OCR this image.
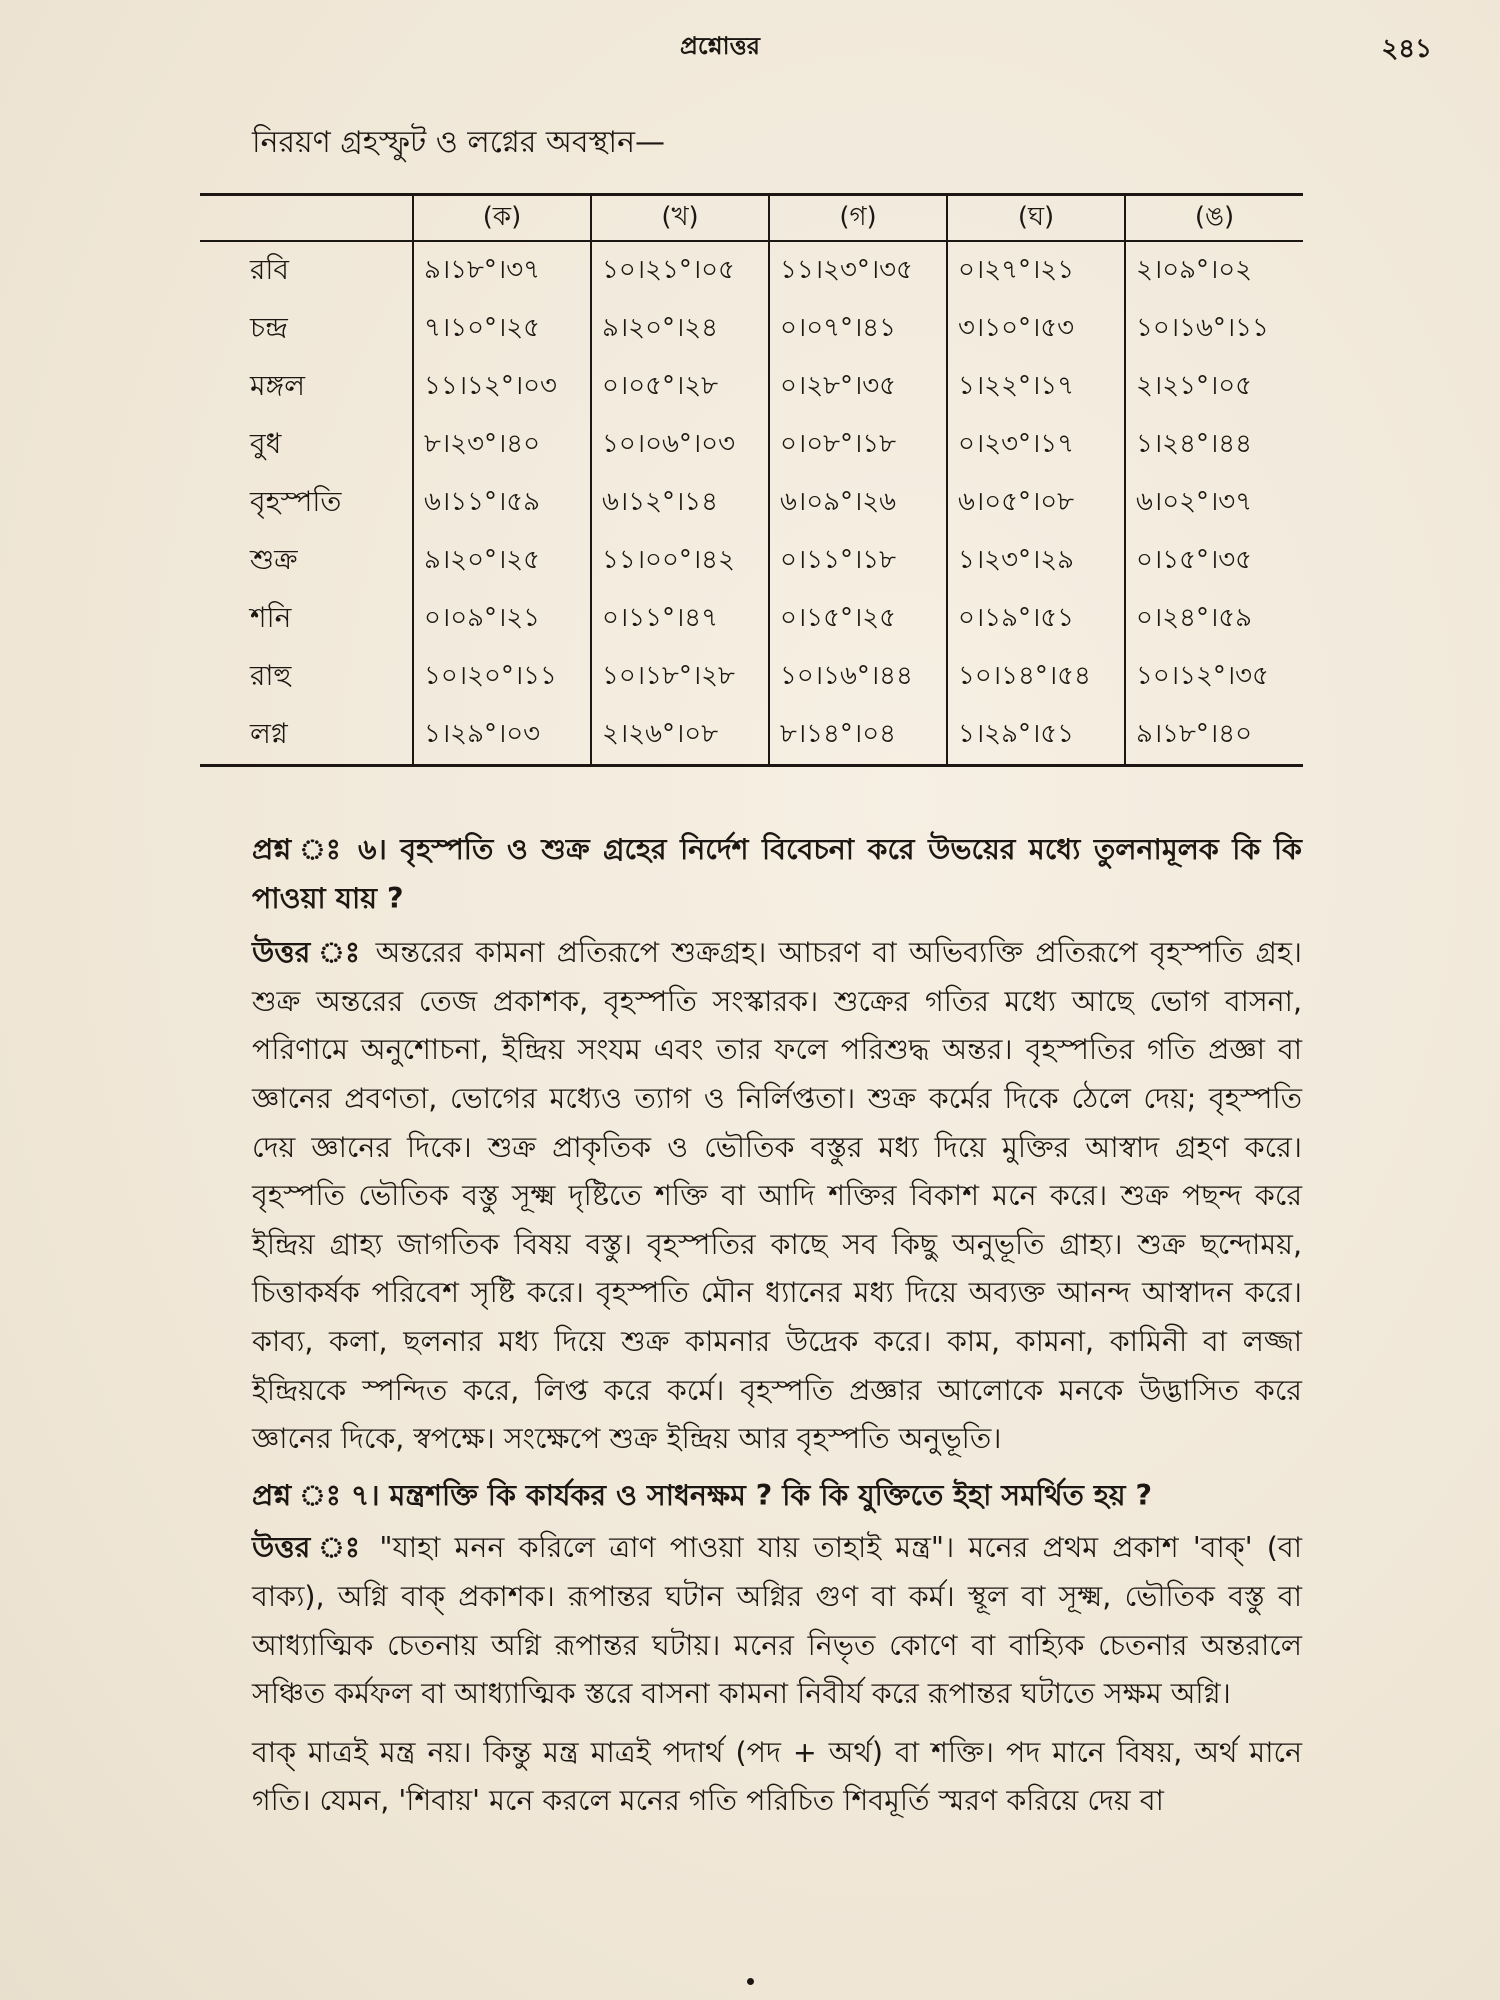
প্রশ্নোত্তর	২৪১
নিরয়ণ গ্রহস্ফুট ও লগ্নের অবস্থান—
	(ক)	(খ)	(গ)	(ঘ)	(ঙ)
রবি	৯।১৮°।৩৭	১০।২১°।০৫	১১।২৩°।৩৫	০।২৭°।২১	২।০৯°।০২
চন্দ্র	৭।১০°।২৫	৯।২০°।২৪	০।০৭°।৪১	৩।১০°।৫৩	১০।১৬°।১১
মঙ্গল	১১।১২°।০৩	০।০৫°।২৮	০।২৮°।৩৫	১।২২°।১৭	২।২১°।০৫
বুধ	৮।২৩°।৪০	১০।০৬°।০৩	০।০৮°।১৮	০।২৩°।১৭	১।২৪°।৪৪
বৃহস্পতি	৬।১১°।৫৯	৬।১২°।১৪	৬।০৯°।২৬	৬।০৫°।০৮	৬।০২°।৩৭
শুক্র	৯।২০°।২৫	১১।০০°।৪২	০।১১°।১৮	১।২৩°।২৯	০।১৫°।৩৫
শনি	০।০৯°।২১	০।১১°।৪৭	০।১৫°।২৫	০।১৯°।৫১	০।২৪°।৫৯
রাহু	১০।২০°।১১	১০।১৮°।২৮	১০।১৬°।৪৪	১০।১৪°।৫৪	১০।১২°।৩৫
লগ্ন	১।২৯°।০৩	২।২৬°।০৮	৮।১৪°।০৪	১।২৯°।৫১	৯।১৮°।৪০

প্রশ্ন ঃ ৬। বৃহস্পতি ও শুক্র গ্রহের নির্দেশ বিবেচনা করে উভয়ের মধ্যে তুলনামূলক কি কি পাওয়া যায় ?

উত্তর ঃ অন্তরের কামনা প্রতিরূপে শুক্রগ্রহ। আচরণ বা অভিব্যক্তি প্রতিরূপে বৃহস্পতি গ্রহ। শুক্র অন্তরের তেজ প্রকাশক, বৃহস্পতি সংস্কারক। শুক্রের গতির মধ্যে আছে ভোগ বাসনা, পরিণামে অনুশোচনা, ইন্দ্রিয় সংযম এবং তার ফলে পরিশুদ্ধ অন্তর। বৃহস্পতির গতি প্রজ্ঞা বা জ্ঞানের প্রবণতা, ভোগের মধ্যেও ত্যাগ ও নির্লিপ্ততা। শুক্র কর্মের দিকে ঠেলে দেয়; বৃহস্পতি দেয় জ্ঞানের দিকে। শুক্র প্রাকৃতিক ও ভৌতিক বস্তুর মধ্য দিয়ে মুক্তির আস্বাদ গ্রহণ করে। বৃহস্পতি ভৌতিক বস্তু সূক্ষ্ম দৃষ্টিতে শক্তি বা আদি শক্তির বিকাশ মনে করে। শুক্র পছন্দ করে ইন্দ্রিয় গ্রাহ্য জাগতিক বিষয় বস্তু। বৃহস্পতির কাছে সব কিছু অনুভূতি গ্রাহ্য। শুক্র ছন্দোময়, চিত্তাকর্ষক পরিবেশ সৃষ্টি করে। বৃহস্পতি মৌন ধ্যানের মধ্য দিয়ে অব্যক্ত আনন্দ আস্বাদন করে। কাব্য, কলা, ছলনার মধ্য দিয়ে শুক্র কামনার উদ্রেক করে। কাম, কামনা, কামিনী বা লজ্জা ইন্দ্রিয়কে স্পন্দিত করে, লিপ্ত করে কর্মে। বৃহস্পতি প্রজ্ঞার আলোকে মনকে উদ্ভাসিত করে জ্ঞানের দিকে, স্বপক্ষে। সংক্ষেপে শুক্র ইন্দ্রিয় আর বৃহস্পতি অনুভূতি।

প্রশ্ন ঃ ৭। মন্ত্রশক্তি কি কার্যকর ও সাধনক্ষম ? কি কি যুক্তিতে ইহা সমর্থিত হয় ?

উত্তর ঃ "যাহা মনন করিলে ত্রাণ পাওয়া যায় তাহাই মন্ত্র"। মনের প্রথম প্রকাশ 'বাক্' (বা বাক্য), অগ্নি বাক্ প্রকাশক। রূপান্তর ঘটান অগ্নির গুণ বা কর্ম। স্থূল বা সূক্ষ্ম, ভৌতিক বস্তু বা আধ্যাত্মিক চেতনায় অগ্নি রূপান্তর ঘটায়। মনের নিভৃত কোণে বা বাহ্যিক চেতনার অন্তরালে সঞ্চিত কর্মফল বা আধ্যাত্মিক স্তরে বাসনা কামনা নিবীর্য করে রূপান্তর ঘটাতে সক্ষম অগ্নি।

বাক্ মাত্রই মন্ত্র নয়। কিন্তু মন্ত্র মাত্রই পদার্থ (পদ + অর্থ) বা শক্তি। পদ মানে বিষয়, অর্থ মানে গতি। যেমন, 'শিবায়' মনে করলে মনের গতি পরিচিত শিবমূর্তি স্মরণ করিয়ে দেয় বা
